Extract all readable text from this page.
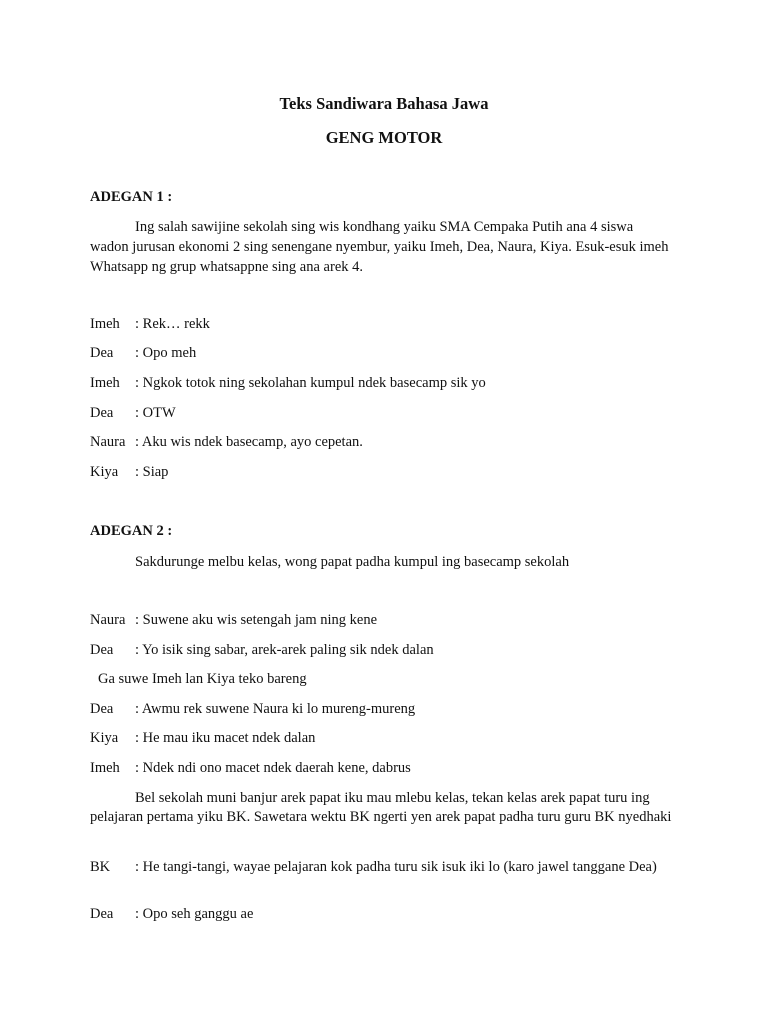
Teks Sandiwara Bahasa Jawa
GENG MOTOR
ADEGAN 1 :
Ing salah sawijine sekolah sing wis kondhang yaiku SMA Cempaka Putih ana 4 siswa wadon jurusan ekonomi 2 sing senengane nyembur, yaiku Imeh, Dea, Naura, Kiya. Esuk-esuk imeh Whatsapp ng grup whatsappne sing ana arek 4.
Imeh : Rek… rekk
Dea : Opo meh
Imeh : Ngkok totok ning sekolahan kumpul ndek basecamp sik yo
Dea : OTW
Naura : Aku wis ndek basecamp, ayo cepetan.
Kiya : Siap
ADEGAN 2 :
Sakdurunge melbu kelas, wong papat padha kumpul ing basecamp sekolah
Naura : Suwene aku wis setengah jam ning kene
Dea : Yo isik sing sabar, arek-arek paling sik ndek dalan
Ga suwe Imeh lan Kiya teko bareng
Dea : Awmu rek suwene Naura ki lo mureng-mureng
Kiya : He mau iku macet ndek dalan
Imeh : Ndek ndi ono macet ndek daerah kene, dabrus
Bel sekolah muni banjur arek papat iku mau mlebu kelas, tekan kelas arek papat turu ing pelajaran pertama yiku BK. Sawetara wektu BK ngerti yen arek papat padha turu guru BK nyedhaki
BK : He tangi-tangi, wayae pelajaran kok padha turu sik isuk iki lo (karo jawel tanggane Dea)
Dea : Opo seh ganggu ae
